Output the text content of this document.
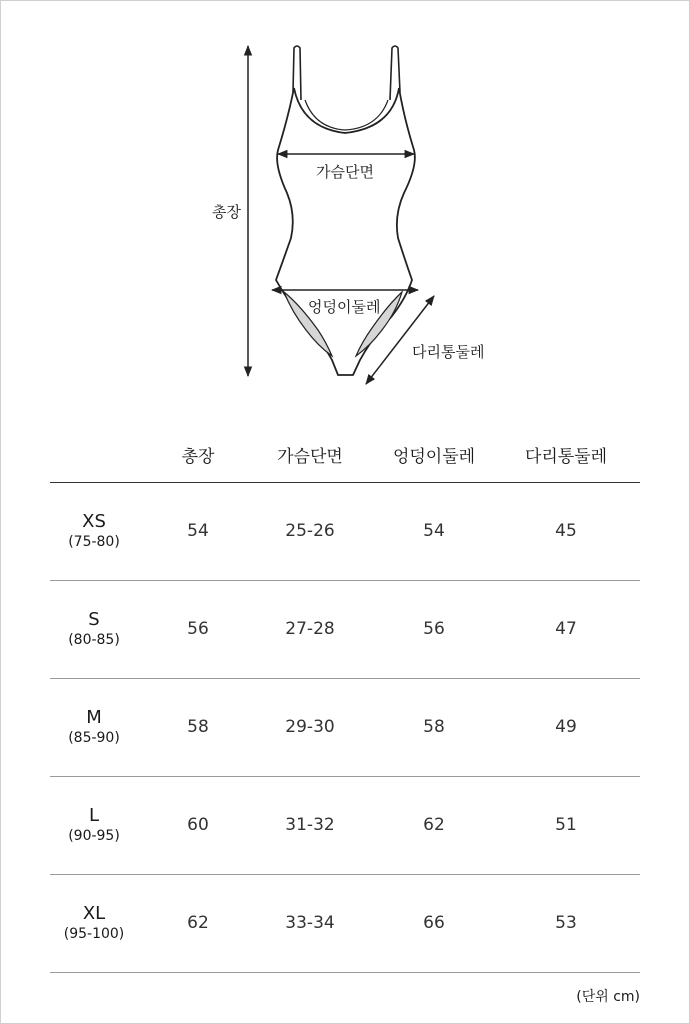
총장
가슴단면
엉덩이둘레
다리통둘레
총장	가슴단면	엉덩이둘레	다리통둘레
XS
(75-80)
54	25-26	54	45
S
(80-85)
56	27-28	56	47
M
(85-90)
58	29-30	58	49
L
(90-95)
60	31-32	62	51
XL
(95-100)
62	33-34	66	53
(단위 cm)
